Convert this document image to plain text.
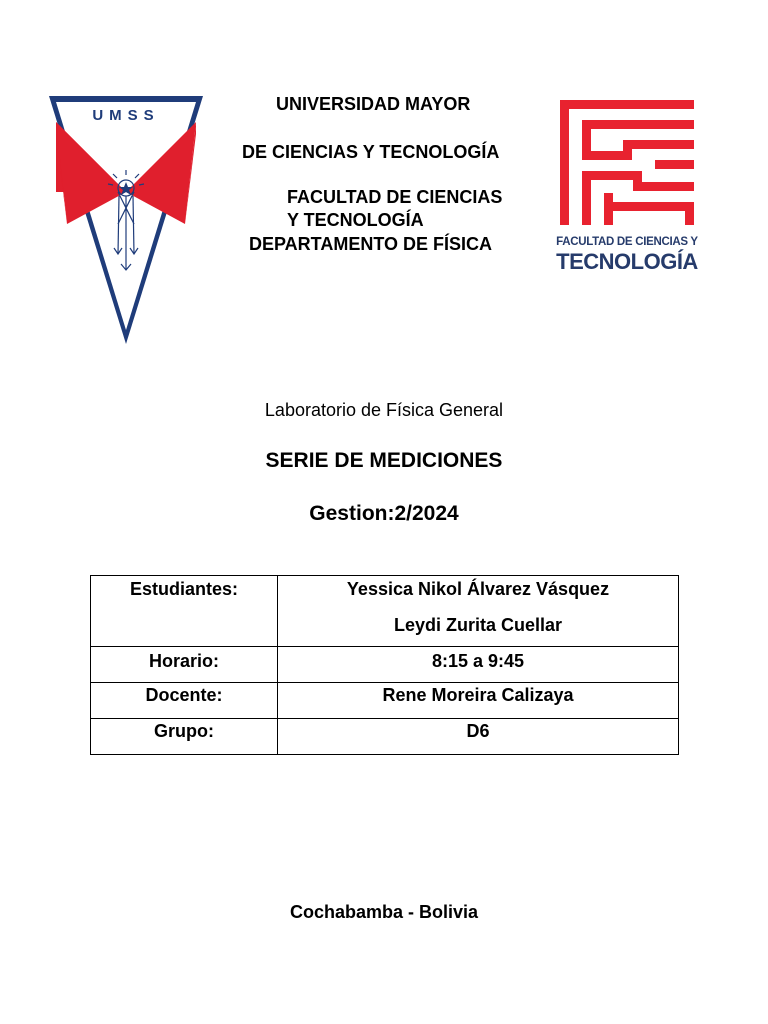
UMSS
UNIVERSIDAD MAYOR
DE CIENCIAS Y TECNOLOGÍA
FACULTAD DE CIENCIAS
Y TECNOLOGÍA
DEPARTAMENTO DE FÍSICA	FACULTAD DE CIENCIAS Y
TECNOLOGÍA
Laboratorio de Física General
SERIE DE MEDICIONES
Gestion:2/2024
Estudiantes:	Yessica Nikol Álvarez Vásquez
Leydi Zurita Cuellar

Horario:	8:15 a 9:45

Docente:	Rene Moreira Calizaya

Grupo:	D6
Cochabamba - Bolivia
